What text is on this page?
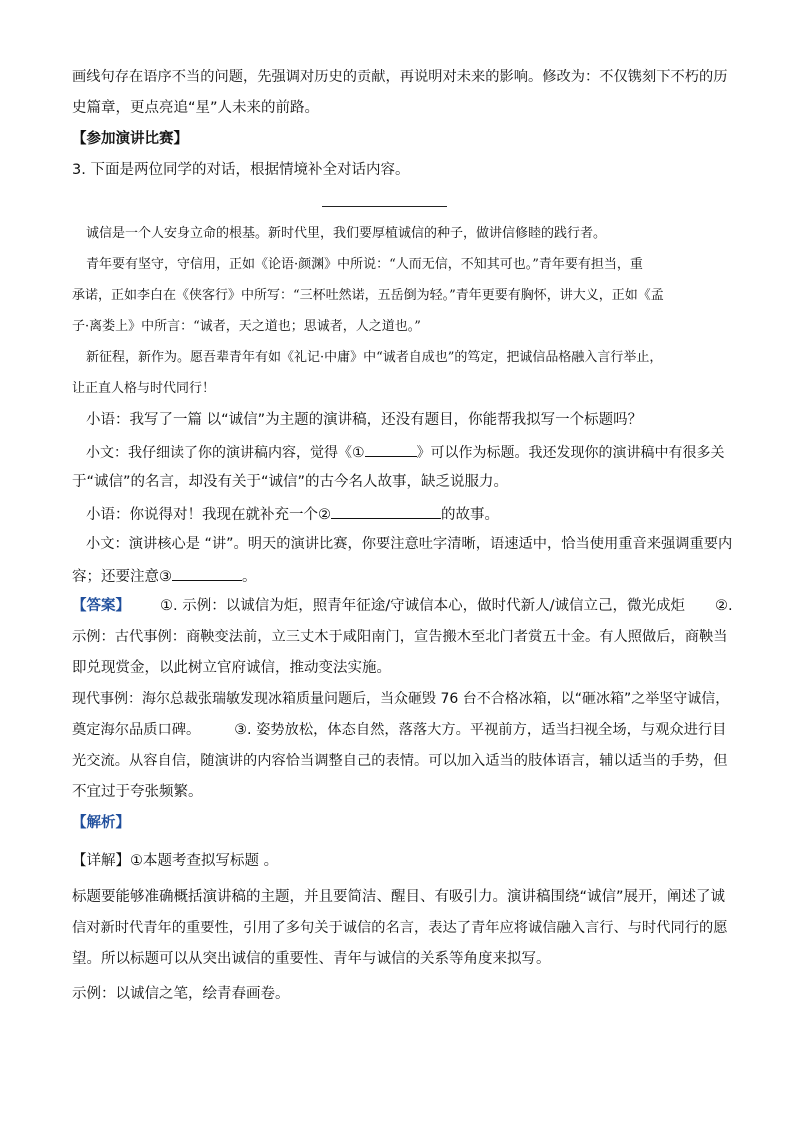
画线句存在语序不当的问题，先强调对历史的贡献，再说明对未来的影响。修改为：不仅镌刻下不朽的历
史篇章，更点亮追“星”人未来的前路。
【参加演讲比赛】
3. 下面是两位同学的对话，根据情境补全对话内容。
诚信是一个人安身立命的根基。新时代里，我们要厚植诚信的种子，做讲信修睦的践行者。
青年要有坚守，守信用，正如《论语·颜渊》中所说：“人而无信，不知其可也。”青年要有担当，重
承诺，正如李白在《侠客行》中所写：“三杯吐然诺，五岳倒为轻。”青年更要有胸怀，讲大义，正如《孟
子·离娄上》中所言：“诚者，天之道也；思诚者，人之道也。”
新征程，新作为。愿吾辈青年有如《礼记·中庸》中“诚者自成也”的笃定，把诚信品格融入言行举止，
让正直人格与时代同行！
小语：我写了一篇 以“诚信”为主题的演讲稿，还没有题目，你能帮我拟写一个标题吗？
小文：我仔细读了你的演讲稿内容，觉得《①	》可以作为标题。我还发现你的演讲稿中有很多关
于“诚信”的名言，却没有关于“诚信”的古今名人故事，缺乏说服力。
小语：你说得对！我现在就补充一个②	的故事。
小文：演讲核心是 “讲”。明天的演讲比赛，你要注意吐字清晰，语速适中，恰当使用重音来强调重要内
容；还要注意③	。
【答案】 ①. 示例：以诚信为炬，照青年征途/守诚信本心，做时代新人/诚信立己，微光成炬 ②.
示例：古代事例：商鞅变法前，立三丈木于咸阳南门，宣告搬木至北门者赏五十金。有人照做后，商鞅当
即兑现赏金，以此树立官府诚信，推动变法实施。
现代事例：海尔总裁张瑞敏发现冰箱质量问题后，当众砸毁 76 台不合格冰箱，以“砸冰箱”之举坚守诚信，
奠定海尔品质口碑。 ③. 姿势放松，体态自然，落落大方。平视前方，适当扫视全场，与观众进行目
光交流。从容自信，随演讲的内容恰当调整自己的表情。可以加入适当的肢体语言，辅以适当的手势，但
不宜过于夸张频繁。
【解析】
【详解】①本题考查拟写标题 。
标题要能够准确概括演讲稿的主题，并且要简洁、醒目、有吸引力。演讲稿围绕“诚信”展开，阐述了诚
信对新时代青年的重要性，引用了多句关于诚信的名言，表达了青年应将诚信融入言行、与时代同行的愿
望。所以标题可以从突出诚信的重要性、青年与诚信的关系等角度来拟写。
示例：以诚信之笔，绘青春画卷。
